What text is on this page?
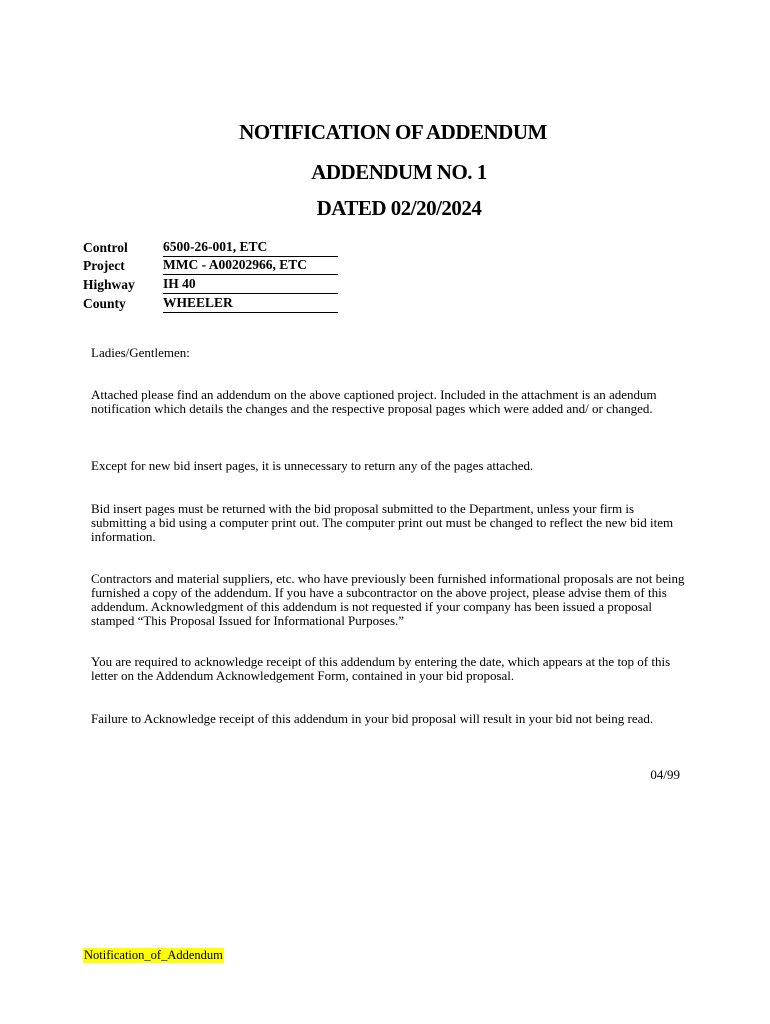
NOTIFICATION OF ADDENDUM
ADDENDUM NO. 1
DATED 02/20/2024
Control	6500-26-001, ETC
Project	MMC - A00202966, ETC
Highway	IH 40
County	WHEELER

Ladies/Gentlemen:

Attached please find an addendum on the above captioned project. Included in the attachment is an adendum notification which details the changes and the respective proposal pages which were added and/ or changed.

Except for new bid insert pages, it is unnecessary to return any of the pages attached.

Bid insert pages must be returned with the bid proposal submitted to the Department, unless your firm is submitting a bid using a computer print out. The computer print out must be changed to reflect the new bid item information.

Contractors and material suppliers, etc. who have previously been furnished informational proposals are not being furnished a copy of the addendum. If you have a subcontractor on the above project, please advise them of this addendum. Acknowledgment of this addendum is not requested if your company has been issued a proposal stamped “This Proposal Issued for Informational Purposes.”

You are required to acknowledge receipt of this addendum by entering the date, which appears at the top of this letter on the Addendum Acknowledgement Form, contained in your bid proposal.

Failure to Acknowledge receipt of this addendum in your bid proposal will result in your bid not being read.

04/99
Notification_of_Addendum
